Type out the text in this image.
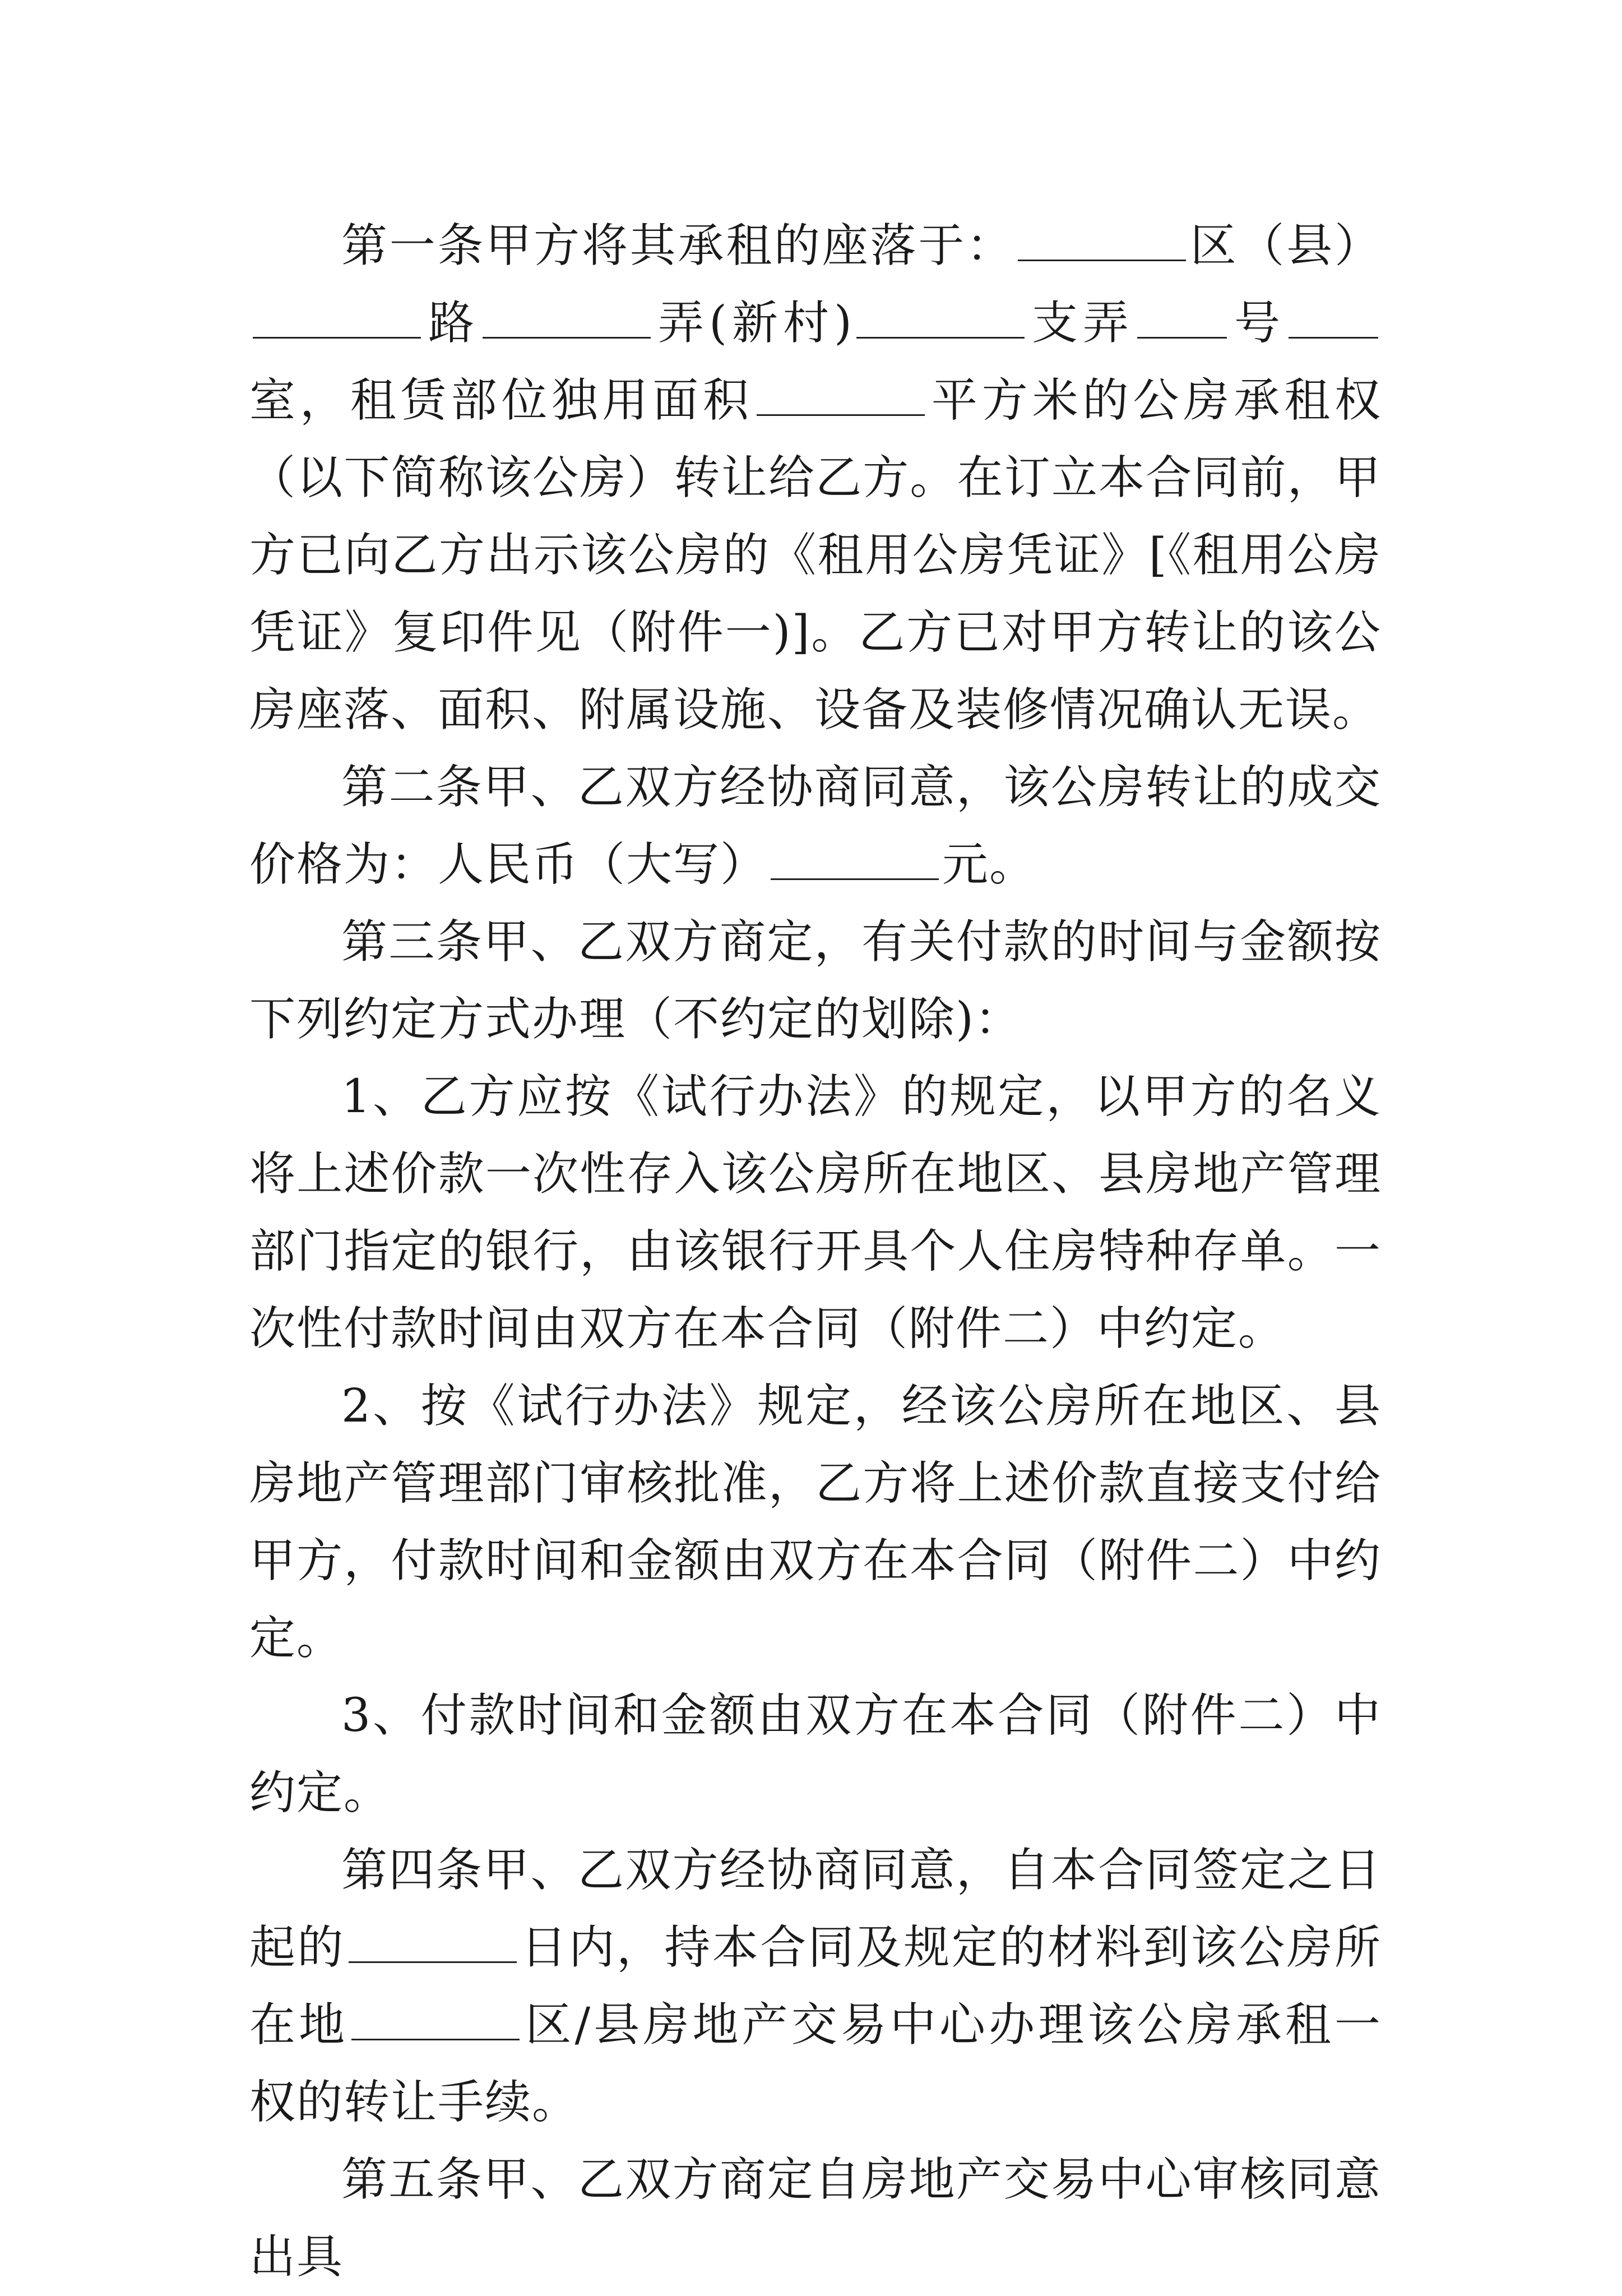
第一条甲方将其承租的座落于：	区（县）路	弄(新村)	支弄 号室，租赁部位独用面积	平方米的公房承租权（以下简称该公房）转让给乙方。在订立本合同前，甲方已向乙方出示该公房的《租用公房凭证》[《租用公房凭证》复印件见（附件一)]。乙方已对甲方转让的该公房座落、面积、附属设施、设备及装修情况确认无误。

第二条甲、乙双方经协商同意，该公房转让的成交价格为：人民币（大写）	元。

第三条甲、乙双方商定，有关付款的时间与金额按下列约定方式办理（不约定的划除)：

1、乙方应按《试行办法》的规定，以甲方的名义将上述价款一次性存入该公房所在地区、县房地产管理部门指定的银行，由该银行开具个人住房特种存单。一次性付款时间由双方在本合同（附件二）中约定。

2、按《试行办法》规定，经该公房所在地区、县房地产管理部门审核批准，乙方将上述价款直接支付给甲方，付款时间和金额由双方在本合同（附件二）中约定。

3、付款时间和金额由双方在本合同（附件二）中约定。

第四条甲、乙双方经协商同意，自本合同签定之日起的	日内，持本合同及规定的材料到该公房所在地	区/县房地产交易中心办理该公房承租一权的转让手续。

第五条甲、乙双方商定自房地产交易中心审核同意出具
